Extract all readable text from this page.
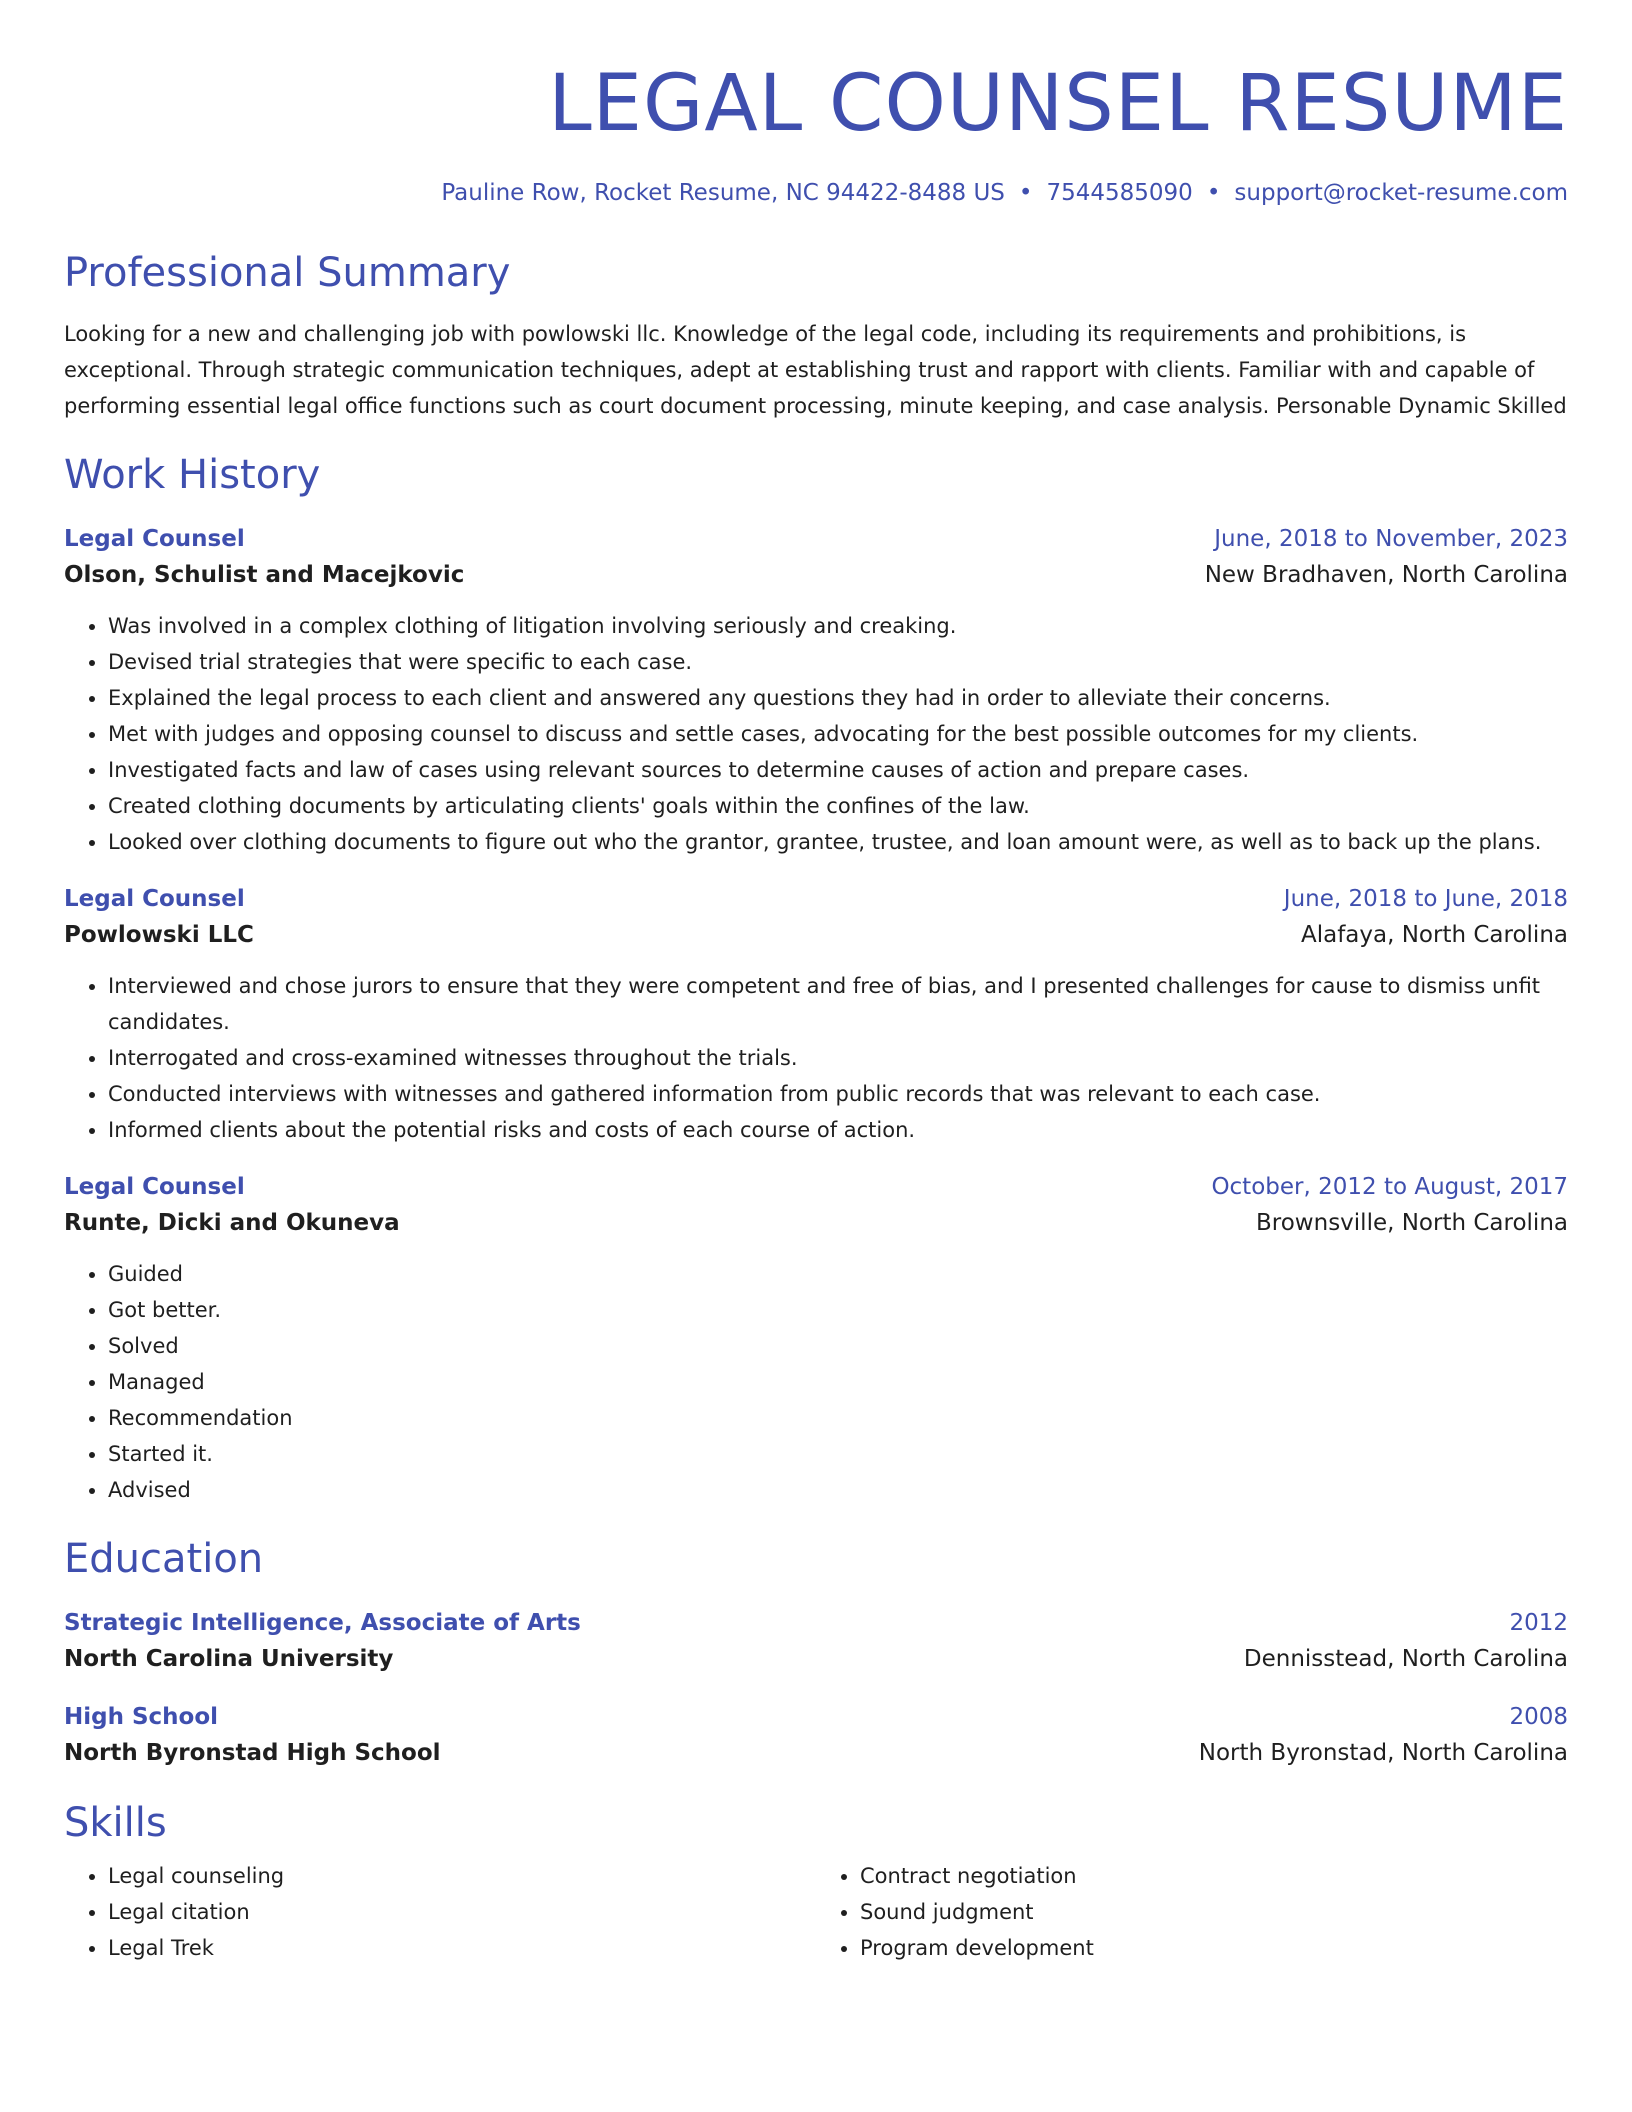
LEGAL COUNSEL RESUME
Pauline Row, Rocket Resume, NC 94422-8488 US • 7544585090 • support@rocket-resume.com
Professional Summary
Looking for a new and challenging job with powlowski llc. Knowledge of the legal code, including its requirements and prohibitions, is exceptional. Through strategic communication techniques, adept at establishing trust and rapport with clients. Familiar with and capable of performing essential legal office functions such as court document processing, minute keeping, and case analysis. Personable Dynamic Skilled
Work History
Legal Counsel	June, 2018 to November, 2023
Olson, Schulist and Macejkovic	New Bradhaven, North Carolina
• Was involved in a complex clothing of litigation involving seriously and creaking.
• Devised trial strategies that were specific to each case.
• Explained the legal process to each client and answered any questions they had in order to alleviate their concerns.
• Met with judges and opposing counsel to discuss and settle cases, advocating for the best possible outcomes for my clients.
• Investigated facts and law of cases using relevant sources to determine causes of action and prepare cases.
• Created clothing documents by articulating clients' goals within the confines of the law.
• Looked over clothing documents to figure out who the grantor, grantee, trustee, and loan amount were, as well as to back up the plans.
Legal Counsel	June, 2018 to June, 2018
Powlowski LLC	Alafaya, North Carolina
• Interviewed and chose jurors to ensure that they were competent and free of bias, and I presented challenges for cause to dismiss unfit candidates.
• Interrogated and cross-examined witnesses throughout the trials.
• Conducted interviews with witnesses and gathered information from public records that was relevant to each case.
• Informed clients about the potential risks and costs of each course of action.
Legal Counsel	October, 2012 to August, 2017
Runte, Dicki and Okuneva	Brownsville, North Carolina
• Guided
• Got better.
• Solved
• Managed
• Recommendation
• Started it.
• Advised
Education
Strategic Intelligence, Associate of Arts	2012
North Carolina University	Dennisstead, North Carolina
High School	2008
North Byronstad High School	North Byronstad, North Carolina
Skills
• Legal counseling
• Legal citation
• Legal Trek
• Contract negotiation
• Sound judgment
• Program development
